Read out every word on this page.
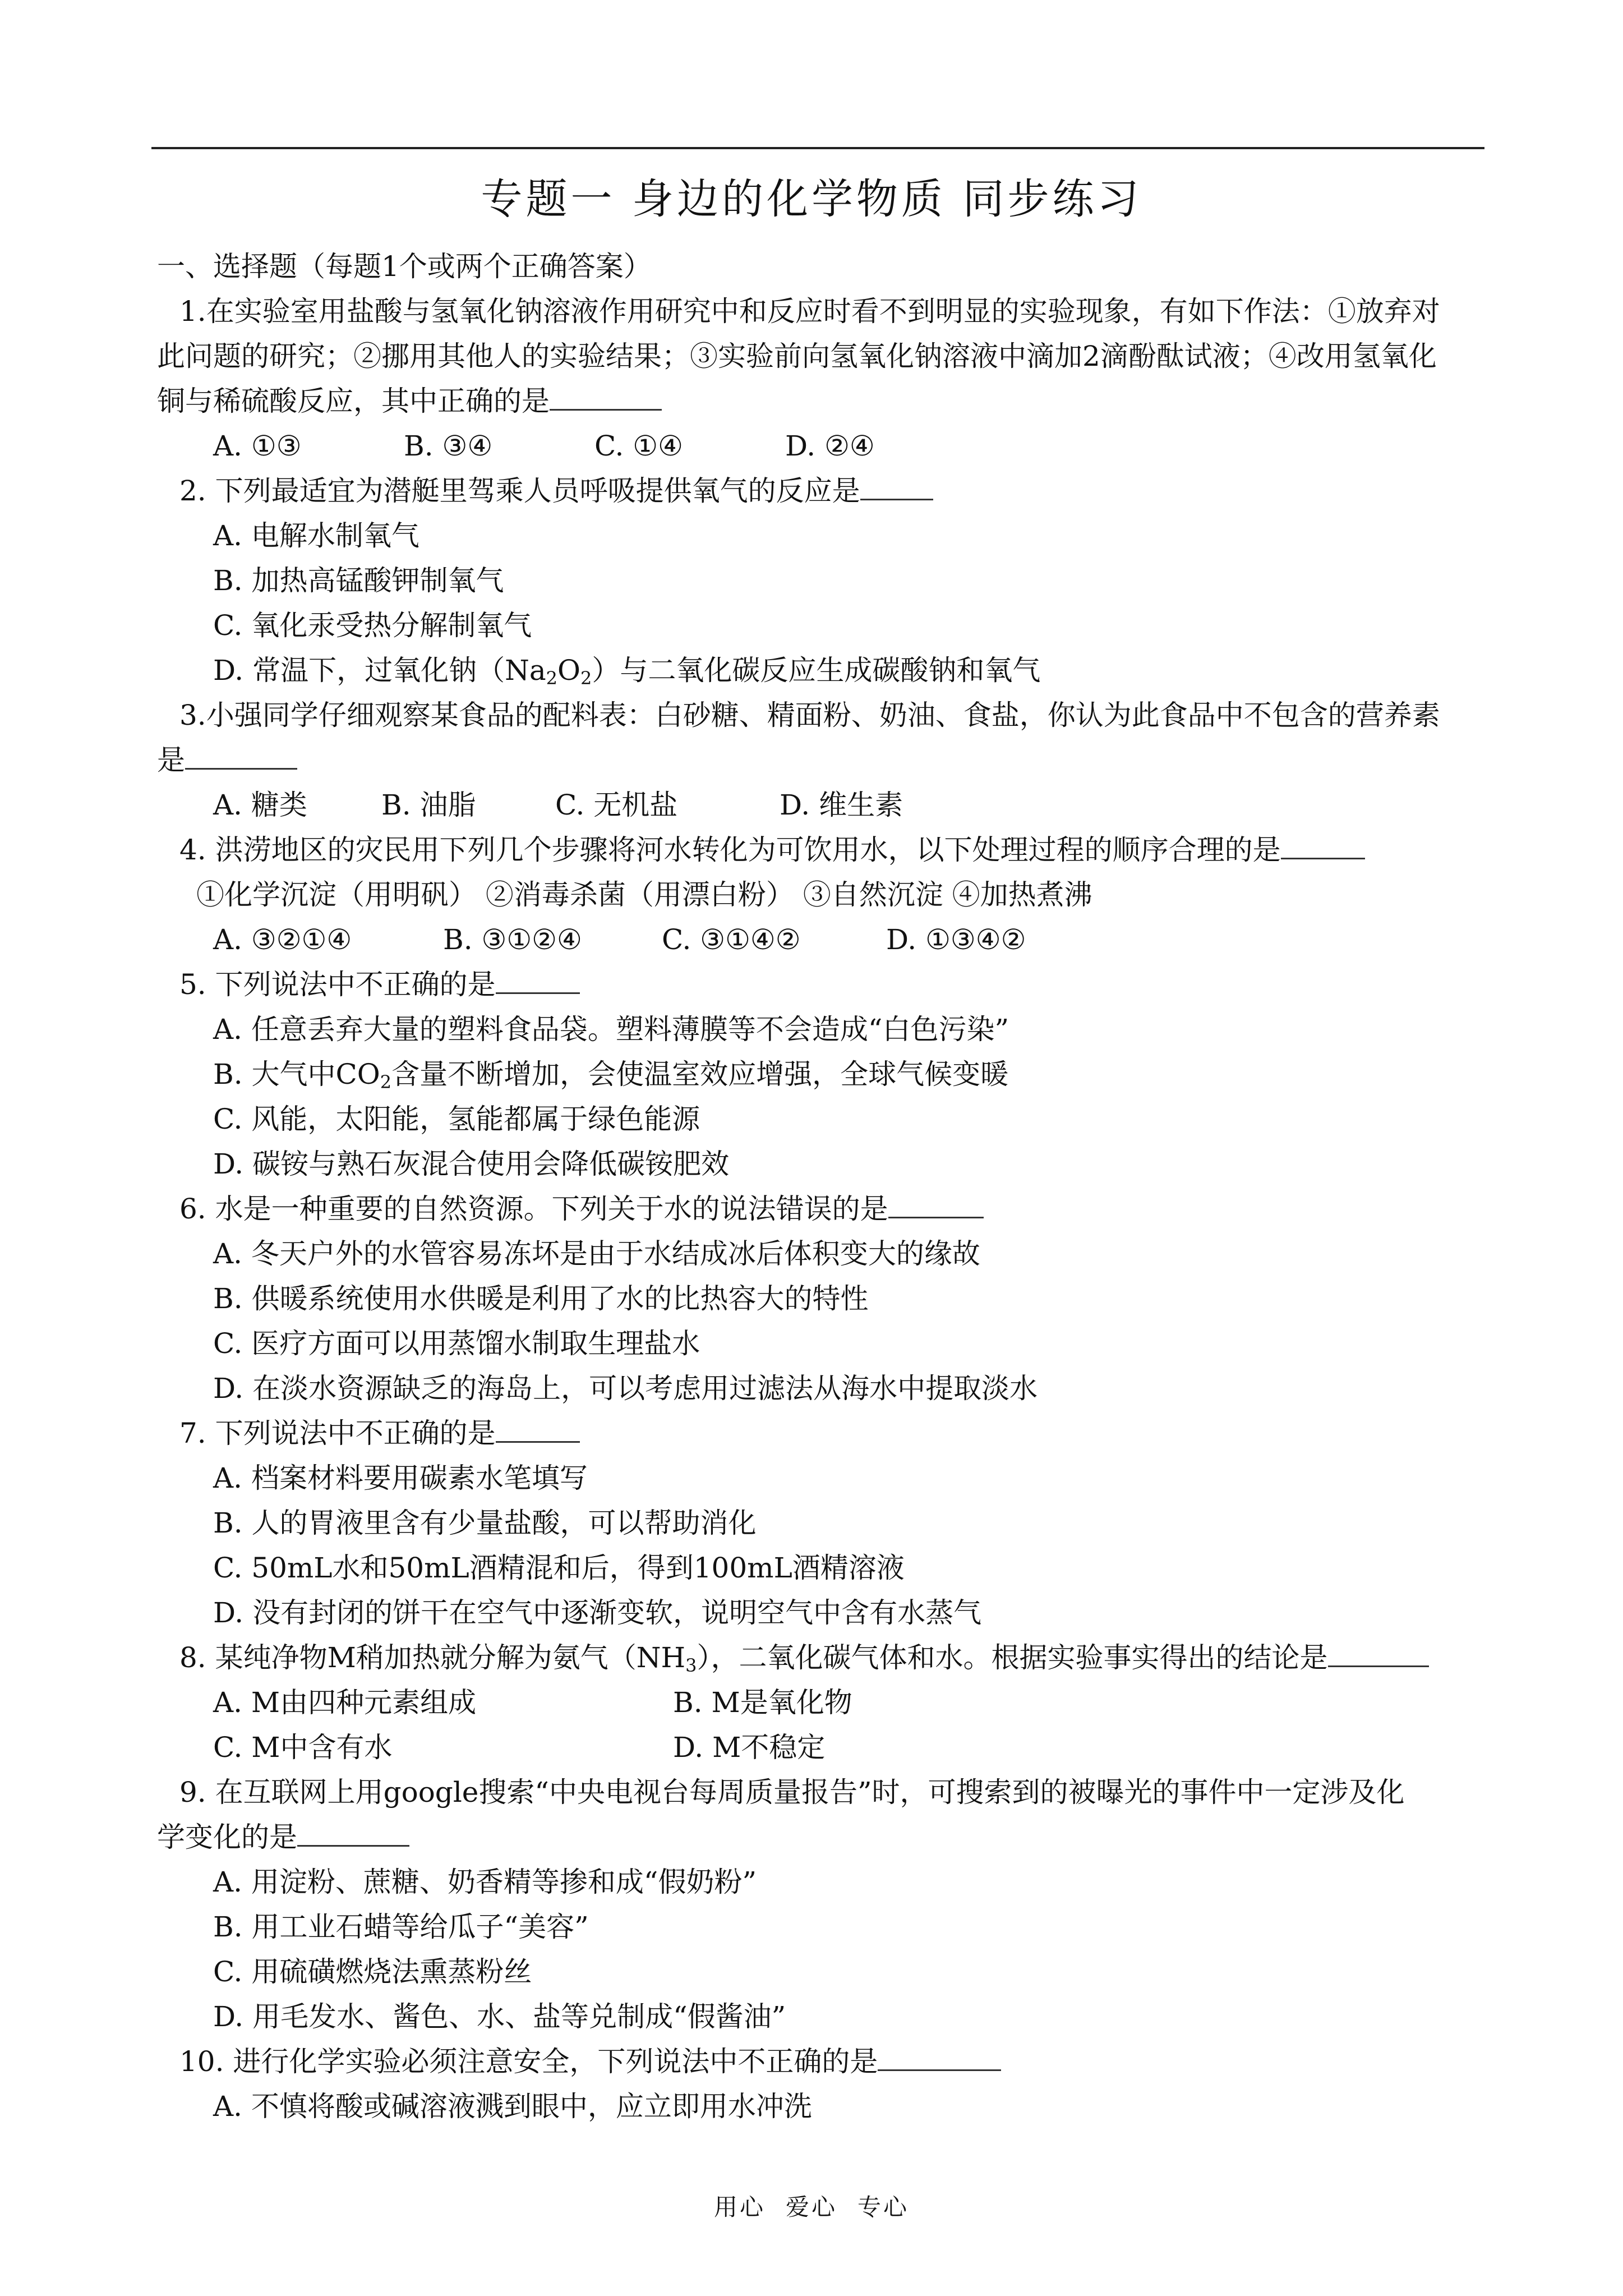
专题一 身边的化学物质 同步练习
一、选择题（每题1个或两个正确答案）
1.在实验室用盐酸与氢氧化钠溶液作用研究中和反应时看不到明显的实验现象，有如下作法：①放弃对
此问题的研究；②挪用其他人的实验结果；③实验前向氢氧化钠溶液中滴加2滴酚酞试液；④改用氢氧化
铜与稀硫酸反应，其中正确的是
A. ①③	B. ③④	C. ①④	D. ②④
2. 下列最适宜为潜艇里驾乘人员呼吸提供氧气的反应是
A. 电解水制氧气
B. 加热高锰酸钾制氧气
C. 氧化汞受热分解制氧气
D. 常温下，过氧化钠$(Na_2O_2)$与二氧化碳反应生成碳酸钠和氧气
3.小强同学仔细观察某食品的配料表：白砂糖、精面粉、奶油、食盐，你认为此食品中不包含的营养素
是
A. 糖类	B. 油脂	C. 无机盐	D. 维生素
4. 洪涝地区的灾民用下列几个步骤将河水转化为可饮用水，以下处理过程的顺序合理的是
①化学沉淀（用明矾） ②消毒杀菌（用漂白粉） ③自然沉淀 ④加热煮沸
A. ③②①④	B. ③①②④	C. ③①④②	D. ①③④②
5. 下列说法中不正确的是
A. 任意丢弃大量的塑料食品袋。塑料薄膜等不会造成“白色污染”
B. 大气中$CO_2$含量不断增加，会使温室效应增强，全球气候变暖
C. 风能，太阳能，氢能都属于绿色能源
D. 碳铵与熟石灰混合使用会降低碳铵肥效
6. 水是一种重要的自然资源。下列关于水的说法错误的是
A. 冬天户外的水管容易冻坏是由于水结成冰后体积变大的缘故
B. 供暖系统使用水供暖是利用了水的比热容大的特性
C. 医疗方面可以用蒸馏水制取生理盐水
D. 在淡水资源缺乏的海岛上，可以考虑用过滤法从海水中提取淡水
7. 下列说法中不正确的是
A. 档案材料要用碳素水笔填写
B. 人的胃液里含有少量盐酸，可以帮助消化
C. 50mL水和50mL酒精混和后，得到100mL酒精溶液
D. 没有封闭的饼干在空气中逐渐变软，说明空气中含有水蒸气
8. 某纯净物M稍加热就分解为氨气$(NH_3)$，二氧化碳气体和水。根据实验事实得出的结论是
A. M由四种元素组成	B. M是氧化物
C. M中含有水	D. M不稳定
9. 在互联网上用google搜索“中央电视台每周质量报告”时，可搜索到的被曝光的事件中一定涉及化
学变化的是
A. 用淀粉、蔗糖、奶香精等掺和成“假奶粉”
B. 用工业石蜡等给瓜子“美容”
C. 用硫磺燃烧法熏蒸粉丝
D. 用毛发水、酱色、水、盐等兑制成“假酱油”
10. 进行化学实验必须注意安全，下列说法中不正确的是
A. 不慎将酸或碱溶液溅到眼中，应立即用水冲洗
用心 爱心 专心
